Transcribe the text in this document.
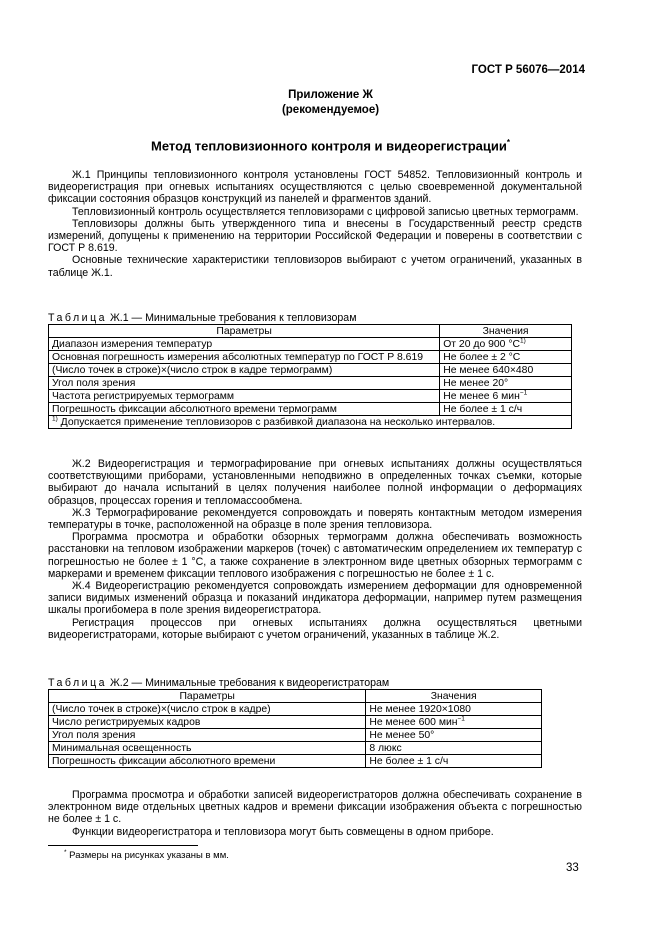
ГОСТ Р 56076—2014
Приложение Ж
(рекомендуемое)
Метод тепловизионного контроля и видеорегистрации*

Ж.1 Принципы тепловизионного контроля установлены ГОСТ 54852. Тепловизионный контроль и видеорегистрация при огневых испытаниях осуществляются с целью своевременной документальной фиксации состояния образцов конструкций из панелей и фрагментов зданий.

Тепловизионный контроль осуществляется тепловизорами с цифровой записью цветных термограмм.

Тепловизоры должны быть утвержденного типа и внесены в Государственный реестр средств измерений, допущены к применению на территории Российской Федерации и поверены в соответствии с ГОСТ Р 8.619.

Основные технические характеристики тепловизоров выбирают с учетом ограничений, указанных в таблице Ж.1.

Таблица Ж.1 — Минимальные требования к тепловизорам
Параметры	Значения
Диапазон измерения температур	От 20 до 900 $^\circ С^{1)}$
Основная погрешность измерения абсолютных температур по ГОСТ Р 8.619	Не более ± 2 °С
(Число точек в строке)×(число строк в кадре термограмм)	Не менее 640×480
Угол поля зрения	Не менее 20°
Частота регистрируемых термограмм	Не менее 6 мин$^{-1}$
Погрешность фиксации абсолютного времени термограмм	Не более ± 1 с/ч
$^{1)}$ Допускается применение тепловизоров с разбивкой диапазона на несколько интервалов.	

Ж.2 Видеорегистрация и термографирование при огневых испытаниях должны осуществляться соответствующими приборами, установленными неподвижно в определенных точках съемки, которые выбирают до начала испытаний в целях получения наиболее полной информации о деформациях образцов, процессах горения и тепломассообмена.

Ж.3 Термографирование рекомендуется сопровождать и поверять контактным методом измерения температуры в точке, расположенной на образце в поле зрения тепловизора.

Программа просмотра и обработки обзорных термограмм должна обеспечивать возможность расстановки на тепловом изображении маркеров (точек) с автоматическим определением их температур с погрешностью не более ± 1 °С, а также сохранение в электронном виде цветных обзорных термограмм с маркерами и временем фиксации теплового изображения с погрешностью не более ± 1 с.

Ж.4 Видеорегистрацию рекомендуется сопровождать измерением деформации для одновременной записи видимых изменений образца и показаний индикатора деформации, например путем размещения шкалы прогибомера в поле зрения видеорегистратора.

Регистрация процессов при огневых испытаниях должна осуществляться цветными видеорегистраторами, которые выбирают с учетом ограничений, указанных в таблице Ж.2.

Таблица Ж.2 — Минимальные требования к видеорегистраторам
Параметры	Значения
(Число точек в строке)×(число строк в кадре)	Не менее 1920×1080
Число регистрируемых кадров	Не менее 600 мин$^{-1}$
Угол поля зрения	Не менее 50°
Минимальная освещенность	8 люкс
Погрешность фиксации абсолютного времени	Не более ± 1 с/ч

Программа просмотра и обработки записей видеорегистраторов должна обеспечивать сохранение в электронном виде отдельных цветных кадров и времени фиксации изображения объекта с погрешностью не более ± 1 с.

Функции видеорегистратора и тепловизора могут быть совмещены в одном приборе.

* Размеры на рисунках указаны в мм.
33
